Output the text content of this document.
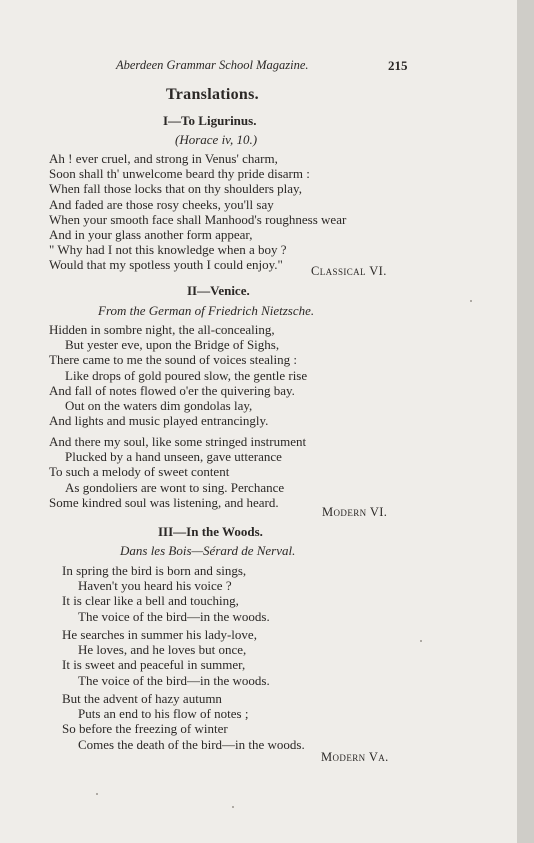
Aberdeen Grammar School Magazine.	215
Translations.
I—To Ligurinus.
(Horace iv, 10.)
Ah ! ever cruel, and strong in Venus' charm,
Soon shall th' unwelcome beard thy pride disarm :
When fall those locks that on thy shoulders play,
And faded are those rosy cheeks, you'll say
When your smooth face shall Manhood's roughness wear
And in your glass another form appear,
" Why had I not this knowledge when a boy ?
Would that my spotless youth I could enjoy."	Classical VI.
II—Venice.
From the German of Friedrich Nietzsche.
Hidden in sombre night, the all-concealing,
But yester eve, upon the Bridge of Sighs,
There came to me the sound of voices stealing :
Like drops of gold poured slow, the gentle rise
And fall of notes flowed o'er the quivering bay.
Out on the waters dim gondolas lay,
And lights and music played entrancingly.
And there my soul, like some stringed instrument
Plucked by a hand unseen, gave utterance
To such a melody of sweet content
As gondoliers are wont to sing. Perchance
Some kindred soul was listening, and heard.
Modern VI.
III—In the Woods.
Dans les Bois—Sérard de Nerval.
In spring the bird is born and sings,
Haven't you heard his voice ?
It is clear like a bell and touching,
The voice of the bird—in the woods.
He searches in summer his lady-love,
He loves, and he loves but once,
It is sweet and peaceful in summer,
The voice of the bird—in the woods.
But the advent of hazy autumn
Puts an end to his flow of notes ;
So before the freezing of winter
Comes the death of the bird—in the woods.
Modern Va.
